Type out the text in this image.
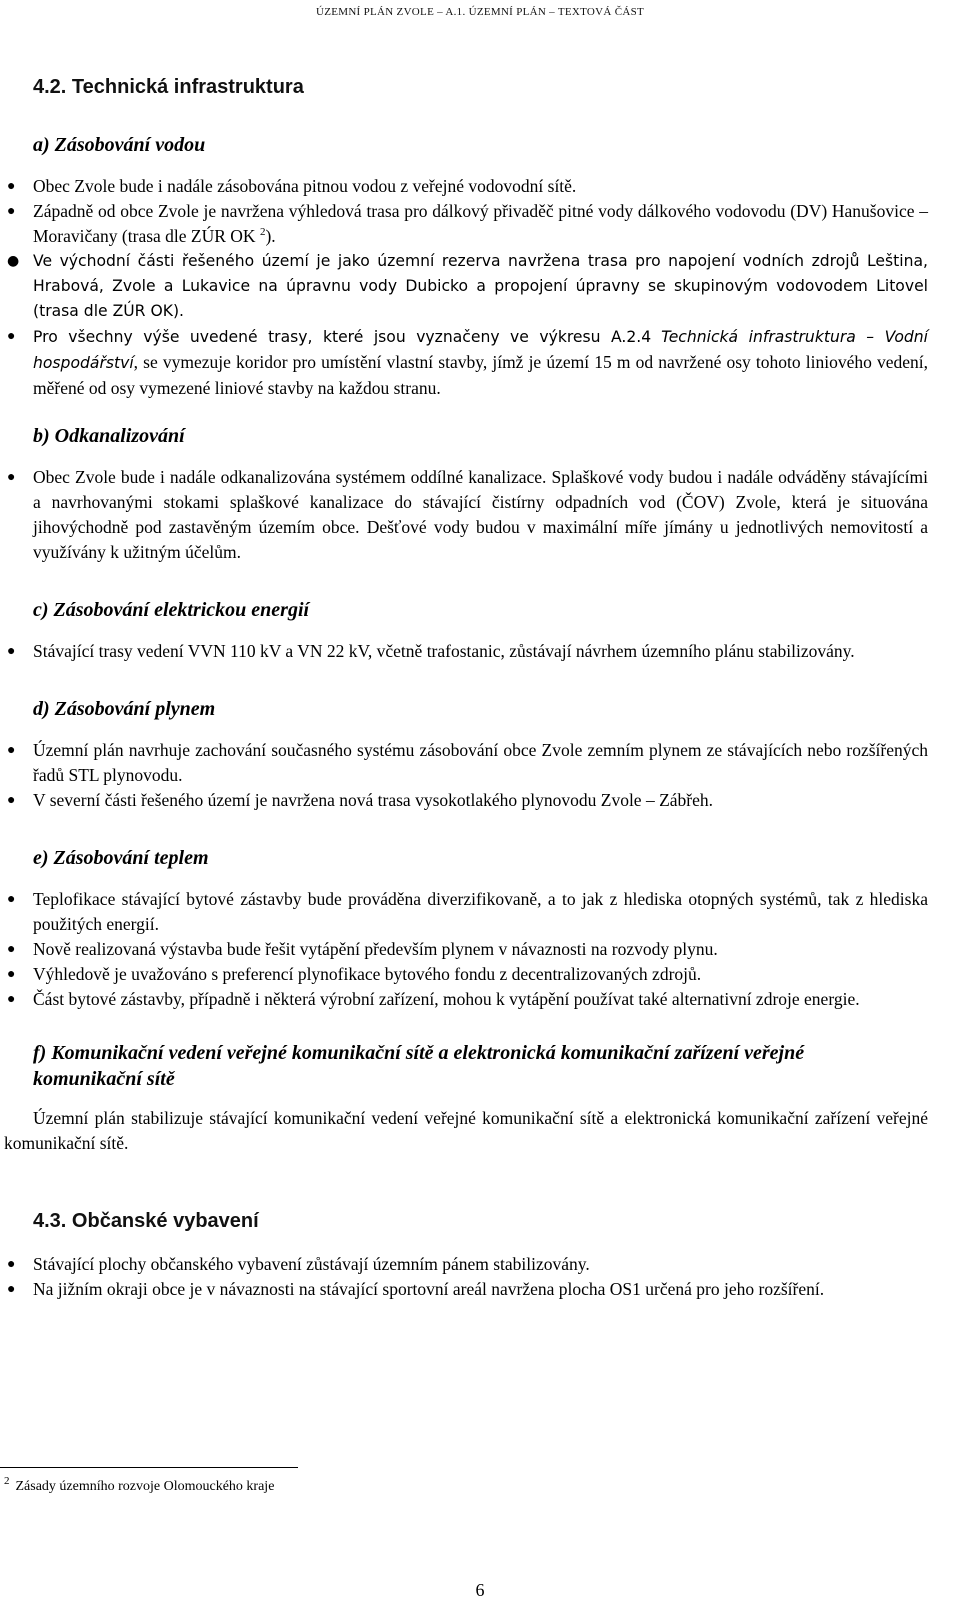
ÚZEMNÍ PLÁN ZVOLE – A.1. ÚZEMNÍ PLÁN – TEXTOVÁ ČÁST
4.2. Technická infrastruktura
a) Zásobování vodou
● Obec Zvole bude i nadále zásobována pitnou vodou z veřejné vodovodní sítě.
● Západně od obce Zvole je navržena výhledová trasa pro dálkový přivaděč pitné vody dálkového vodovodu (DV) Hanušovice – Moravičany (trasa dle ZÚR OK $^2$).
● Ve východní části řešeného území je jako územní rezerva navržena trasa pro napojení vodních zdrojů Leština, Hrabová, Zvole a Lukavice na úpravnu vody Dubicko a propojení úpravny se skupinovým vodovodem Litovel (trasa dle ZÚR OK).
● Pro všechny výše uvedené trasy, které jsou vyznačeny ve výkresu A.2.4 Technická infrastruktura – Vodní hospodářství, se vymezuje koridor pro umístění vlastní stavby, jímž je území 15 m od navržené osy tohoto liniového vedení, měřené od osy vymezené liniové stavby na každou stranu.
b) Odkanalizování
● Obec Zvole bude i nadále odkanalizována systémem oddílné kanalizace. Splaškové vody budou i nadále odváděny stávajícími a navrhovanými stokami splaškové kanalizace do stávající čistírny odpadních vod (ČOV) Zvole, která je situována jihovýchodně pod zastavěným územím obce. Dešťové vody budou v maximální míře jímány u jednotlivých nemovitostí a využívány k užitným účelům.
c) Zásobování elektrickou energií
● Stávající trasy vedení VVN 110 kV a VN 22 kV, včetně trafostanic, zůstávají návrhem územního plánu stabilizovány.
d) Zásobování plynem
● Územní plán navrhuje zachování současného systému zásobování obce Zvole zemním plynem ze stávajících nebo rozšířených řadů STL plynovodu.
● V severní části řešeného území je navržena nová trasa vysokotlakého plynovodu Zvole – Zábřeh.
e) Zásobování teplem
● Teplofikace stávající bytové zástavby bude prováděna diverzifikovaně, a to jak z hlediska otopných systémů, tak z hlediska použitých energií.
● Nově realizovaná výstavba bude řešit vytápění především plynem v návaznosti na rozvody plynu.
● Výhledově je uvažováno s preferencí plynofikace bytového fondu z decentralizovaných zdrojů.
● Část bytové zástavby, případně i některá výrobní zařízení, mohou k vytápění používat také alternativní zdroje energie.
f) Komunikační vedení veřejné komunikační sítě a elektronická komunikační zařízení veřejné komunikační sítě

Územní plán stabilizuje stávající komunikační vedení veřejné komunikační sítě a elektronická komunikační zařízení veřejné komunikační sítě.

4.3. Občanské vybavení
● Stávající plochy občanského vybavení zůstávají územním pánem stabilizovány.
● Na jižním okraji obce je v návaznosti na stávající sportovní areál navržena plocha OS1 určená pro jeho rozšíření.
$^2$ Zásady územního rozvoje Olomouckého kraje
6
